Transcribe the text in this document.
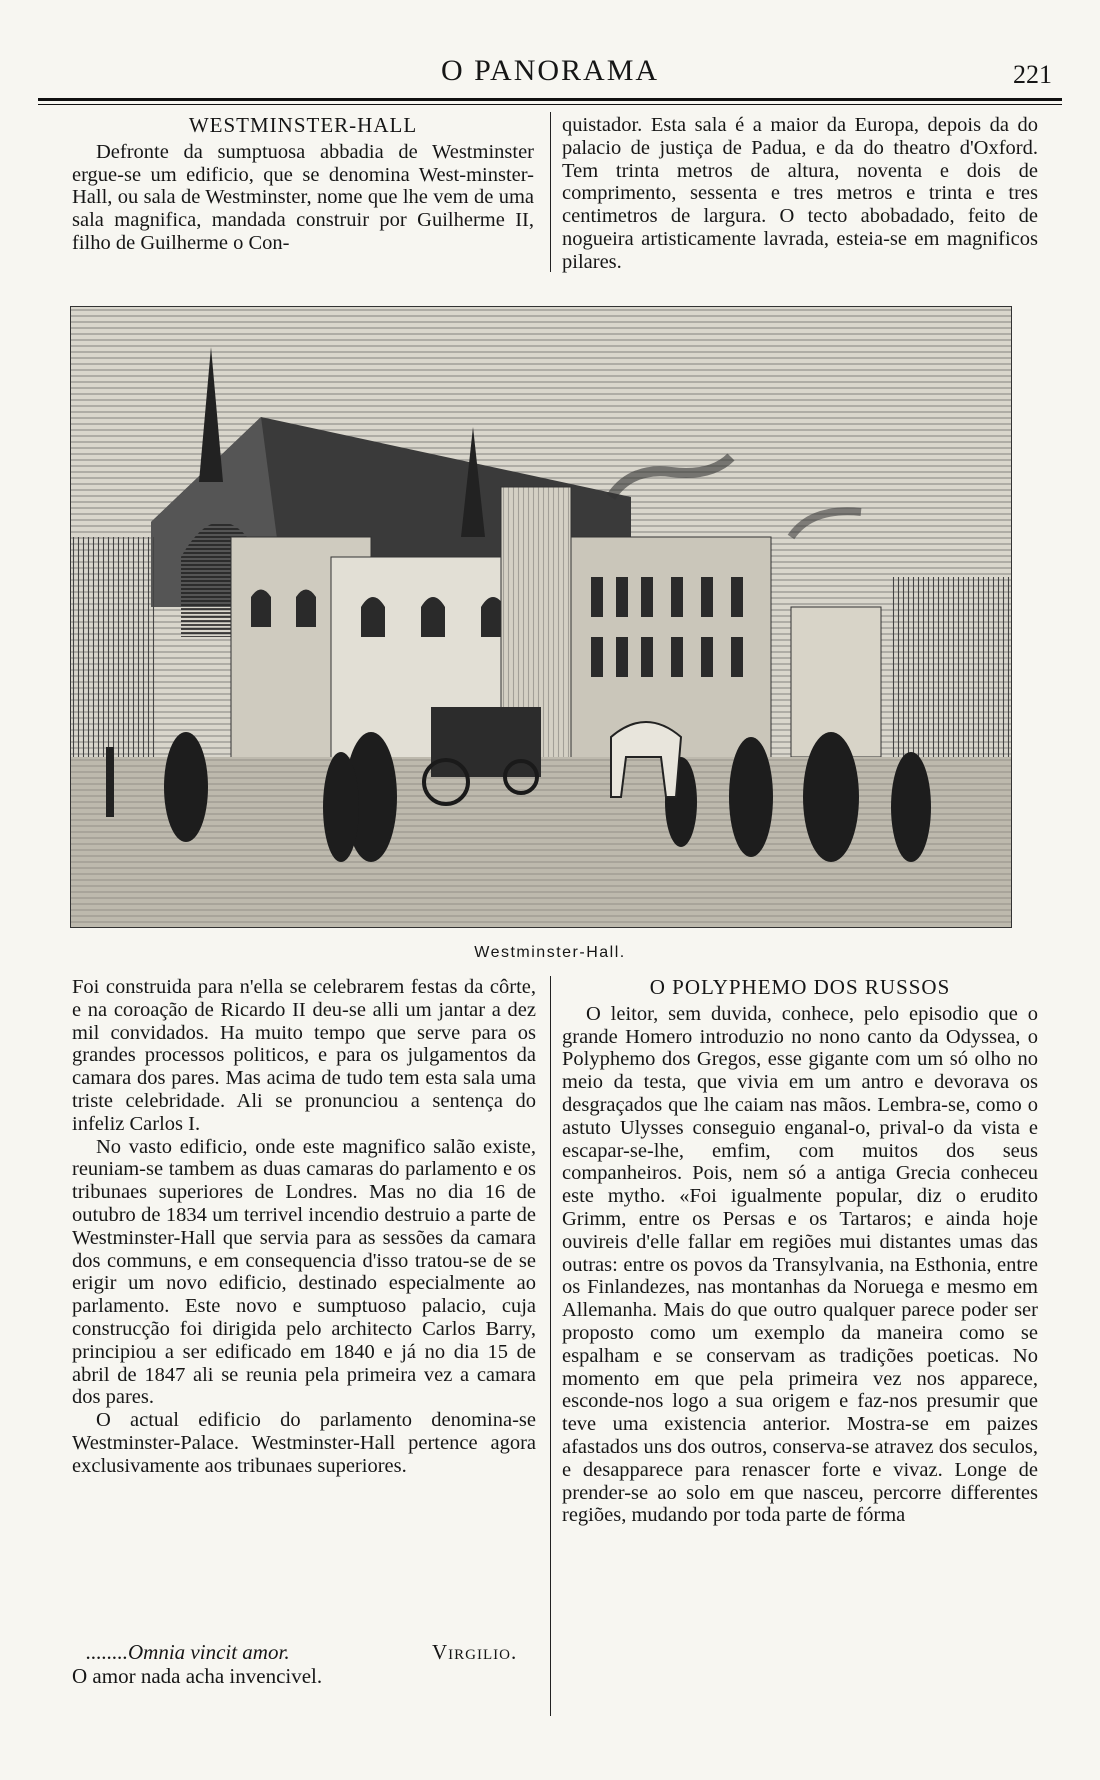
O PANORAMA	221
WESTMINSTER-HALL

Defronte da sumptuosa abbadia de Westminster ergue-se um edificio, que se denomina West-minster-Hall, ou sala de Westminster, nome que lhe vem de uma sala magnifica, mandada construir por Guilherme II, filho de Guilherme o Con-

quistador. Esta sala é a maior da Europa, depois da do palacio de justiça de Padua, e da do theatro d'Oxford. Tem trinta metros de altura, noventa e dois de comprimento, sessenta e tres metros e trinta e tres centimetros de largura. O tecto abobadado, feito de nogueira artisticamente lavrada, esteia-se em magnificos pilares.

Westminster-Hall.

Foi construida para n'ella se celebrarem festas da côrte, e na coroação de Ricardo II deu-se alli um jantar a dez mil convidados. Ha muito tempo que serve para os grandes processos politicos, e para os julgamentos da camara dos pares. Mas acima de tudo tem esta sala uma triste celebridade. Ali se pronunciou a sentença do infeliz Carlos I.

No vasto edificio, onde este magnifico salão existe, reuniam-se tambem as duas camaras do parlamento e os tribunaes superiores de Londres. Mas no dia 16 de outubro de 1834 um terrivel incendio destruio a parte de Westminster-Hall que servia para as sessões da camara dos communs, e em consequencia d'isso tratou-se de se erigir um novo edificio, destinado especialmente ao parlamento. Este novo e sumptuoso palacio, cuja construcção foi dirigida pelo architecto Carlos Barry, principiou a ser edificado em 1840 e já no dia 15 de abril de 1847 ali se reunia pela primeira vez a camara dos pares.

O actual edificio do parlamento denomina-se Westminster-Palace. Westminster-Hall pertence agora exclusivamente aos tribunaes superiores.

........Omnia vincit amor.	Virgilio.
O amor nada acha invencivel.
O POLYPHEMO DOS RUSSOS

O leitor, sem duvida, conhece, pelo episodio que o grande Homero introduzio no nono canto da Odyssea, o Polyphemo dos Gregos, esse gigante com um só olho no meio da testa, que vivia em um antro e devorava os desgraçados que lhe caiam nas mãos. Lembra-se, como o astuto Ulysses conseguio enganal-o, prival-o da vista e escapar-se-lhe, emfim, com muitos dos seus companheiros. Pois, nem só a antiga Grecia conheceu este mytho. «Foi igualmente popular, diz o erudito Grimm, entre os Persas e os Tartaros; e ainda hoje ouvireis d'elle fallar em regiões mui distantes umas das outras: entre os povos da Transylvania, na Esthonia, entre os Finlandezes, nas montanhas da Noruega e mesmo em Allemanha. Mais do que outro qualquer parece poder ser proposto como um exemplo da maneira como se espalham e se conservam as tradições poeticas. No momento em que pela primeira vez nos apparece, esconde-nos logo a sua origem e faz-nos presumir que teve uma existencia anterior. Mostra-se em paizes afastados uns dos outros, conserva-se atravez dos seculos, e desapparece para renascer forte e vivaz. Longe de prender-se ao solo em que nasceu, percorre differentes regiões, mudando por toda parte de fórma
